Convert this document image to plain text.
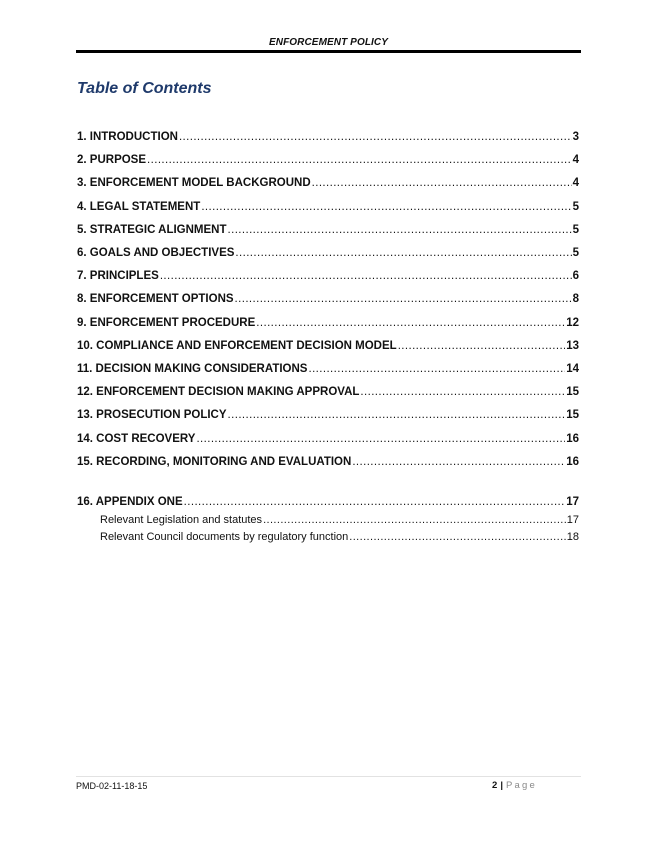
ENFORCEMENT POLICY
Table of Contents
1. INTRODUCTION .....	3
2. PURPOSE .....	4
3. ENFORCEMENT MODEL BACKGROUND .....	4
4. LEGAL STATEMENT .....	5
5. STRATEGIC ALIGNMENT .....	5
6. GOALS AND OBJECTIVES .....	5
7. PRINCIPLES .....	6
8. ENFORCEMENT OPTIONS .....	8
9. ENFORCEMENT PROCEDURE .....	12
10. COMPLIANCE AND ENFORCEMENT DECISION MODEL .....	13
11. DECISION MAKING CONSIDERATIONS .....	14
12. ENFORCEMENT DECISION MAKING APPROVAL .....	15
13. PROSECUTION POLICY .....	15
14. COST RECOVERY .....	16
15. RECORDING, MONITORING AND EVALUATION .....	16
16. APPENDIX ONE .....	17
Relevant Legislation and statutes .....	17
Relevant Council documents by regulatory function .....	18
PMD-02-11-18-15	2 | Page
